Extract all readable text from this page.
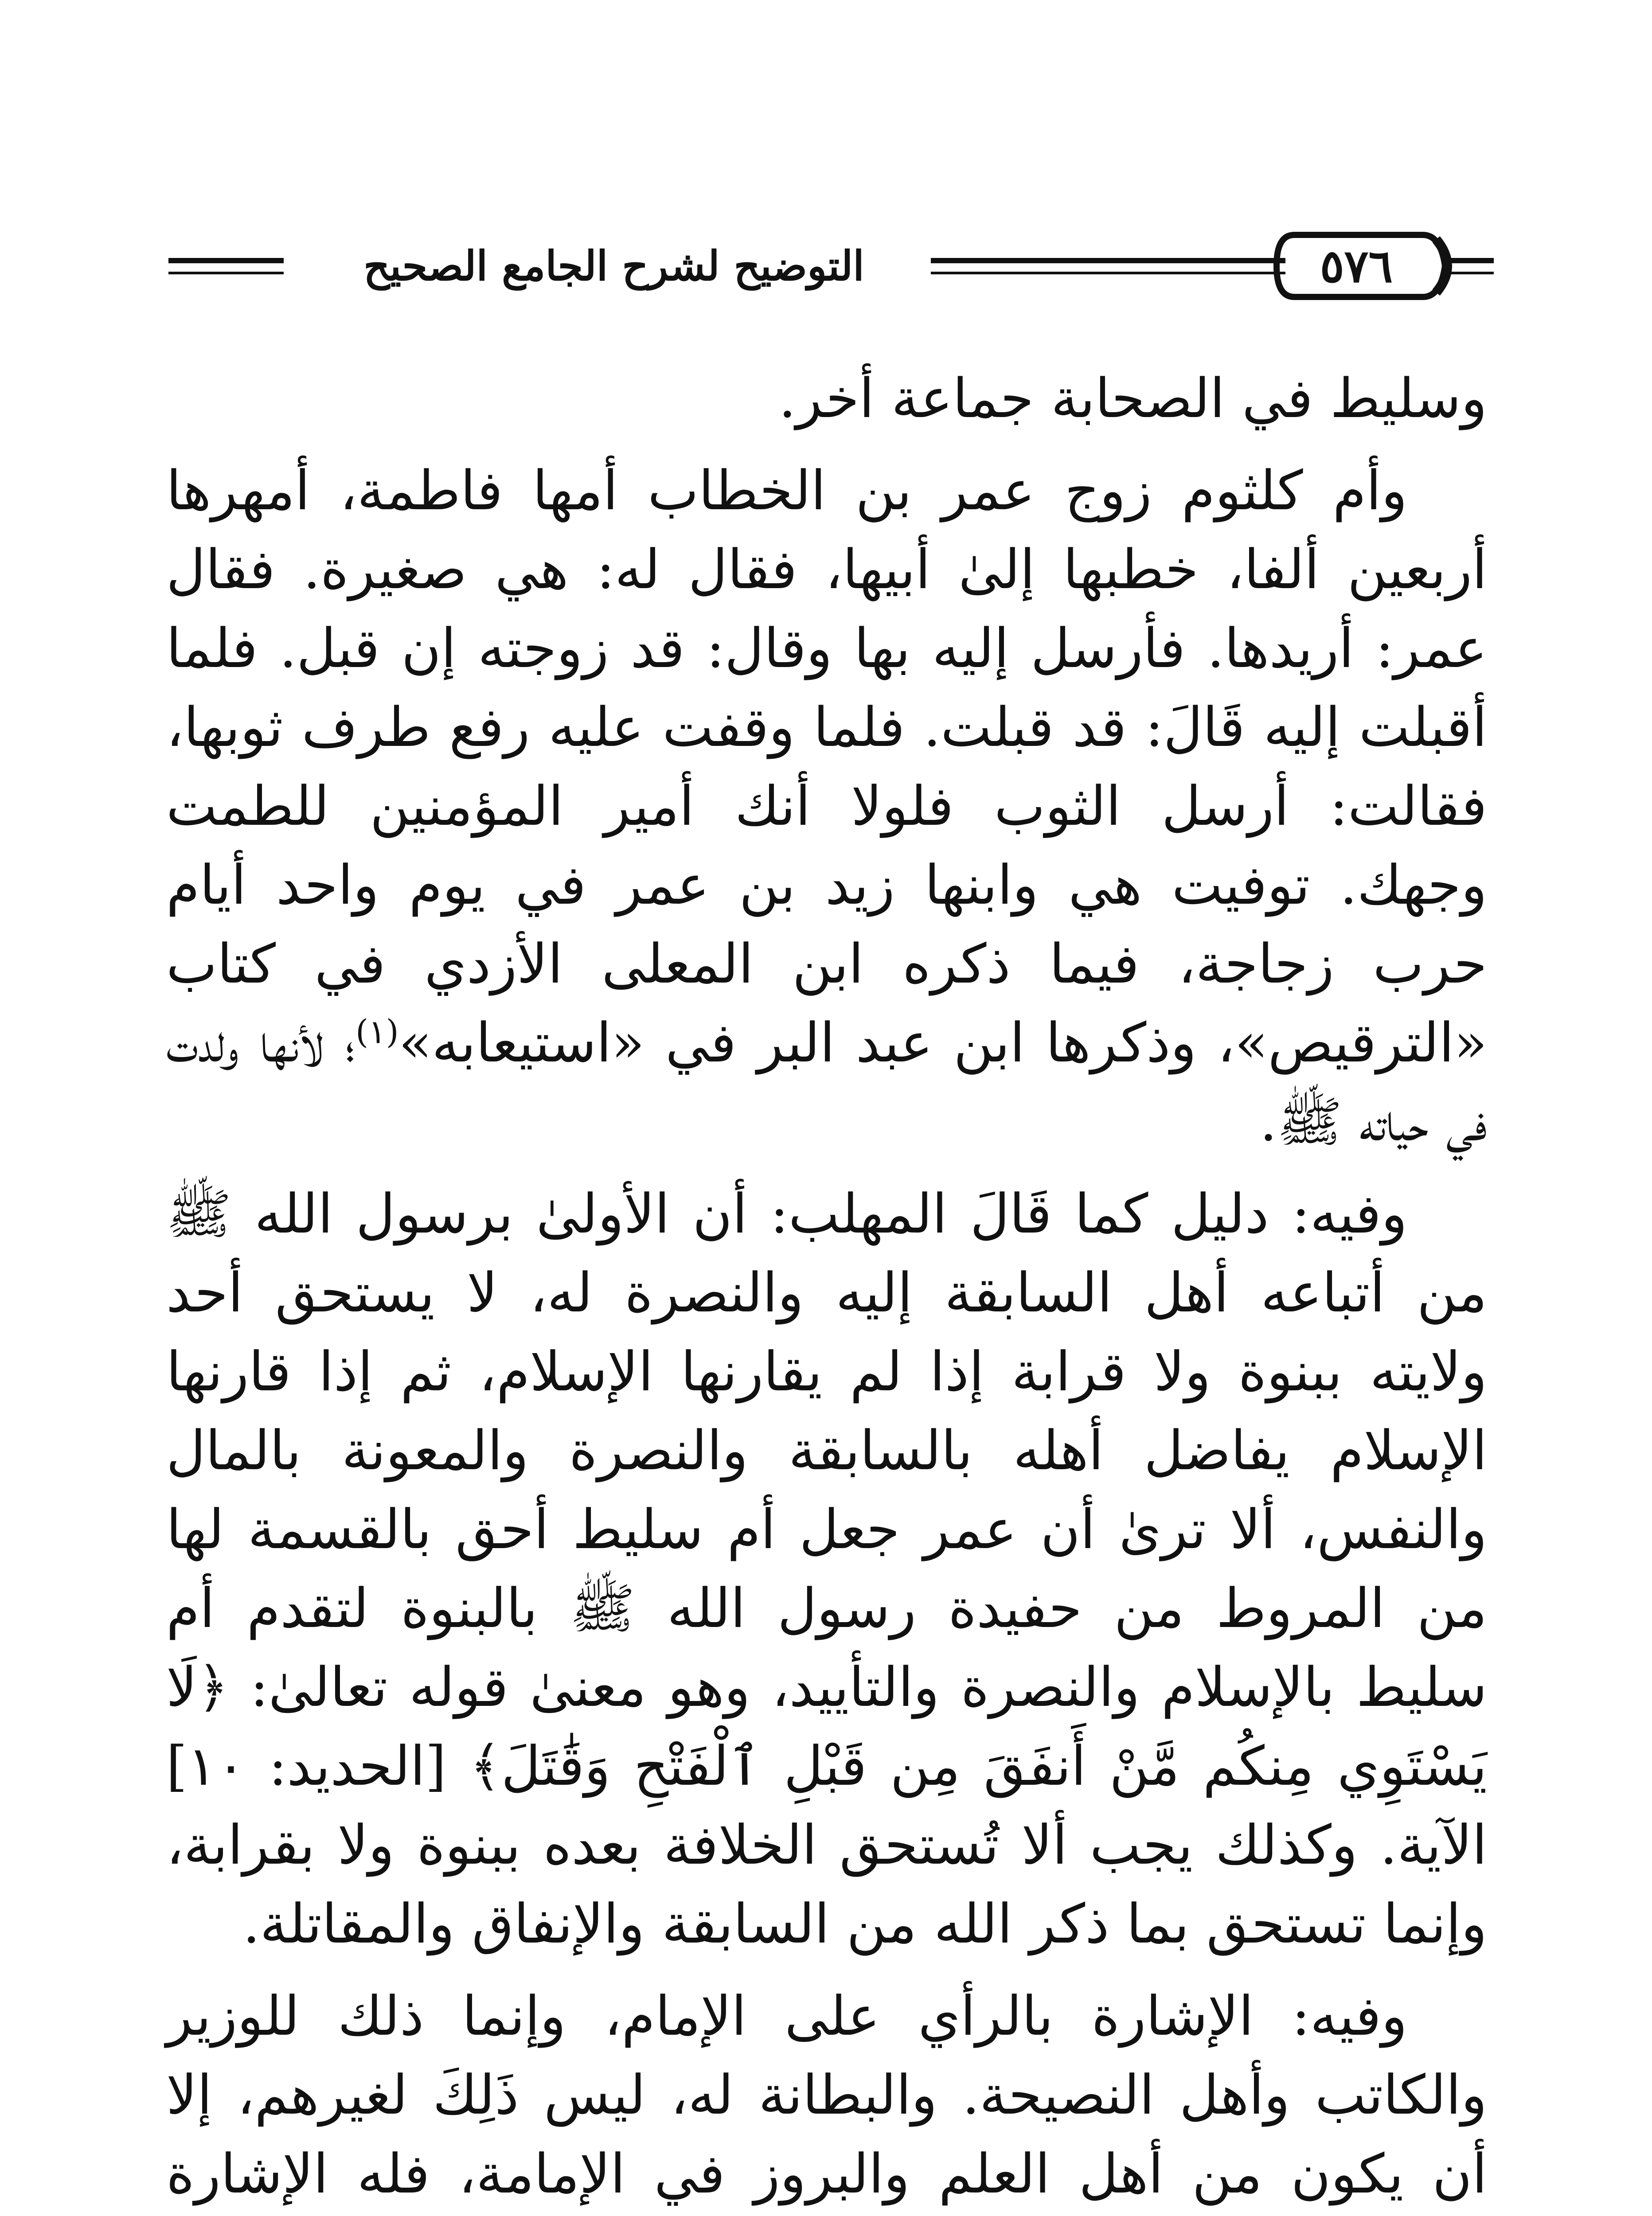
٥٧٦
التوضيح لشرح الجامع الصحيح

وسليط في الصحابة جماعة أخر.

وأم كلثوم زوج عمر بن الخطاب أمها فاطمة، أمهرها أربعين ألفا، خطبها إلىٰ أبيها، فقال له: هي صغيرة. فقال عمر: أريدها. فأرسل إليه بها وقال: قد زوجته إن قبل. فلما أقبلت إليه قَالَ: قد قبلت. فلما وقفت عليه رفع طرف ثوبها، فقالت: أرسل الثوب فلولا أنك أمير المؤمنين للطمت وجهك. توفيت هي وابنها زيد بن عمر في يوم واحد أيام حرب زجاجة، فيما ذكره ابن المعلى الأزدي في كتاب «الترقيص»، وذكرها ابن عبد البر في «استيعابه»$^{(١)}$؛ لأنها ولدت في حياته ﷺ.

وفيه: دليل كما قَالَ المهلب: أن الأولىٰ برسول الله ﷺ من أتباعه أهل السابقة إليه والنصرة له، لا يستحق أحد ولايته ببنوة ولا قرابة إذا لم يقارنها الإسلام، ثم إذا قارنها الإسلام يفاضل أهله بالسابقة والنصرة والمعونة بالمال والنفس، ألا ترىٰ أن عمر جعل أم سليط أحق بالقسمة لها من المروط من حفيدة رسول الله ﷺ بالبنوة لتقدم أم سليط بالإسلام والنصرة والتأييد، وهو معنىٰ قوله تعالىٰ: ﴿لَا يَسْتَوِي مِنكُم مَّنْ أَنفَقَ مِن قَبْلِ ٱلْفَتْحِ وَقَٰتَلَ﴾ [الحديد: ١٠] الآية. وكذلك يجب ألا تُستحق الخلافة بعده ببنوة ولا بقرابة، وإنما تستحق بما ذكر الله من السابقة والإنفاق والمقاتلة.

وفيه: الإشارة بالرأي على الإمام، وإنما ذلك للوزير والكاتب وأهل النصيحة. والبطانة له، ليس ذَلِكَ لغيرهم، إلا أن يكون من أهل العلم والبروز في الإمامة، فله الإشارة
